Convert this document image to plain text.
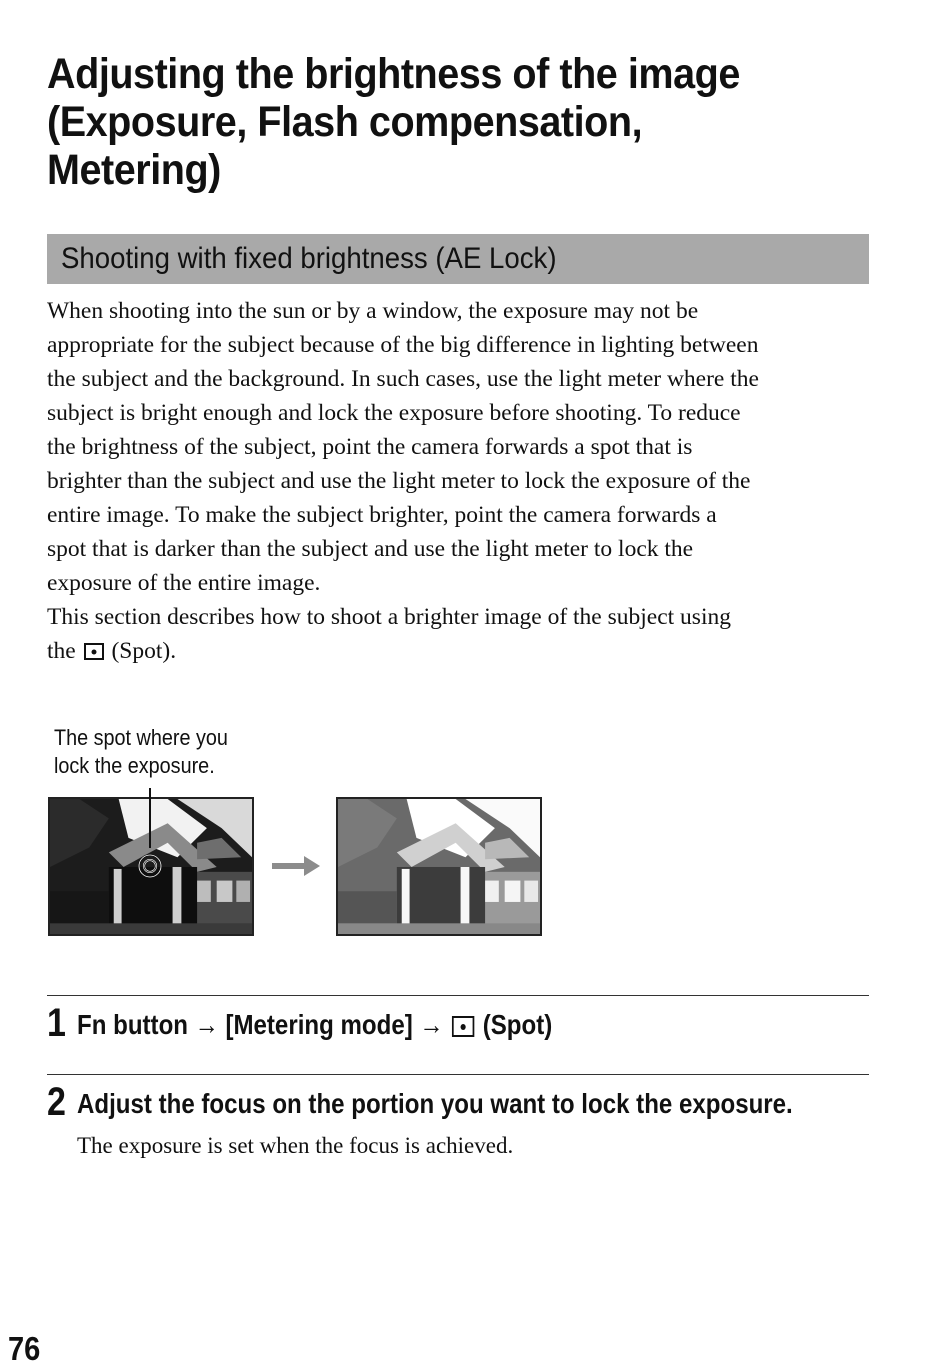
Adjusting the brightness of the image
(Exposure, Flash compensation,
Metering)
Shooting with fixed brightness (AE Lock)
When shooting into the sun or by a window, the exposure may not be
appropriate for the subject because of the big difference in lighting between
the subject and the background. In such cases, use the light meter where the
subject is bright enough and lock the exposure before shooting. To reduce
the brightness of the subject, point the camera forwards a spot that is
brighter than the subject and use the light meter to lock the exposure of the
entire image. To make the subject brighter, point the camera forwards a
spot that is darker than the subject and use the light meter to lock the
exposure of the entire image.
This section describes how to shoot a brighter image of the subject using
the (Spot).
The spot where you
lock the exposure.
1 Fn button → [Metering mode] → (Spot)
2 Adjust the focus on the portion you want to lock the exposure.
The exposure is set when the focus is achieved.
76
